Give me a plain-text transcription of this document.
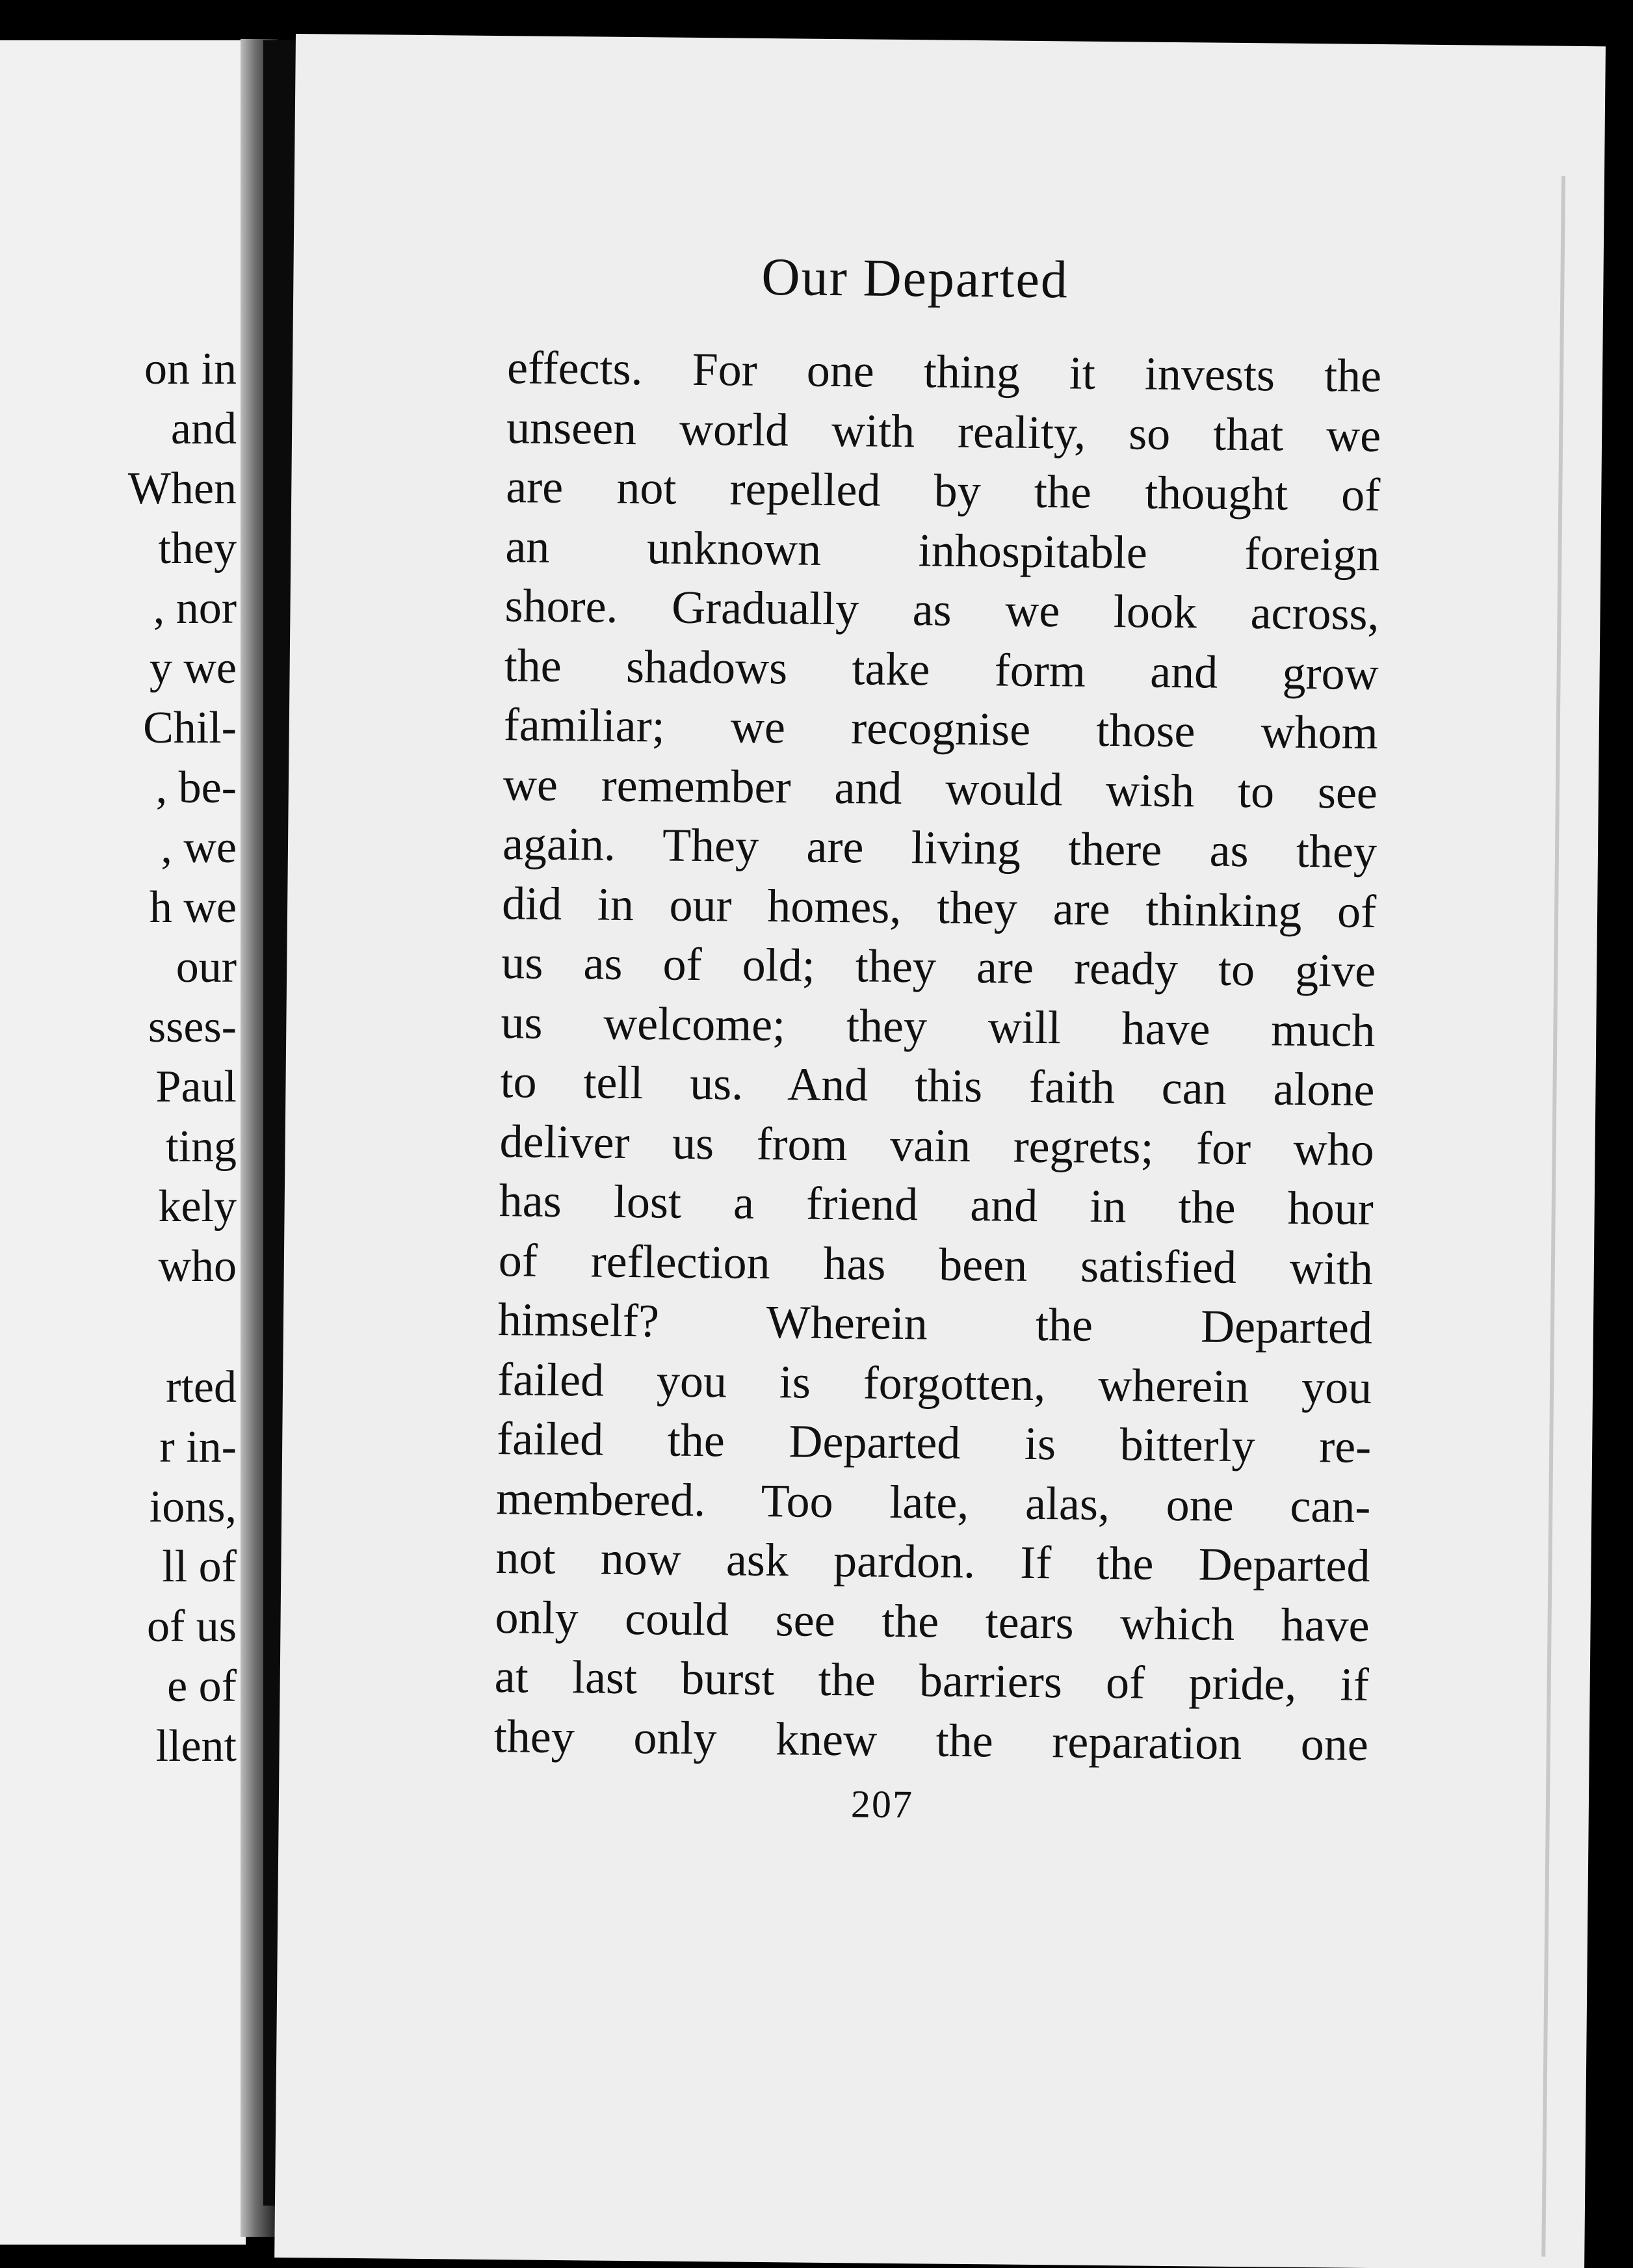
on in
and
When
they
, nor
y we
Chil-
, be-
, we
h we
our
sses-
Paul
ting
kely
who
rted
r in-
ions,
ll of
of us
e of
llent
Our Departed
effects. For one thing it invests the
unseen world with reality, so that we
are not repelled by the thought of
an unknown inhospitable foreign
shore. Gradually as we look across,
the shadows take form and grow
familiar; we recognise those whom
we remember and would wish to see
again. They are living there as they
did in our homes, they are thinking of
us as of old; they are ready to give
us welcome; they will have much
to tell us. And this faith can alone
deliver us from vain regrets; for who
has lost a friend and in the hour
of reflection has been satisfied with
himself? Wherein the Departed
failed you is forgotten, wherein you
failed the Departed is bitterly re-
membered. Too late, alas, one can-
not now ask pardon. If the Departed
only could see the tears which have
at last burst the barriers of pride, if
they only knew the reparation one
207
